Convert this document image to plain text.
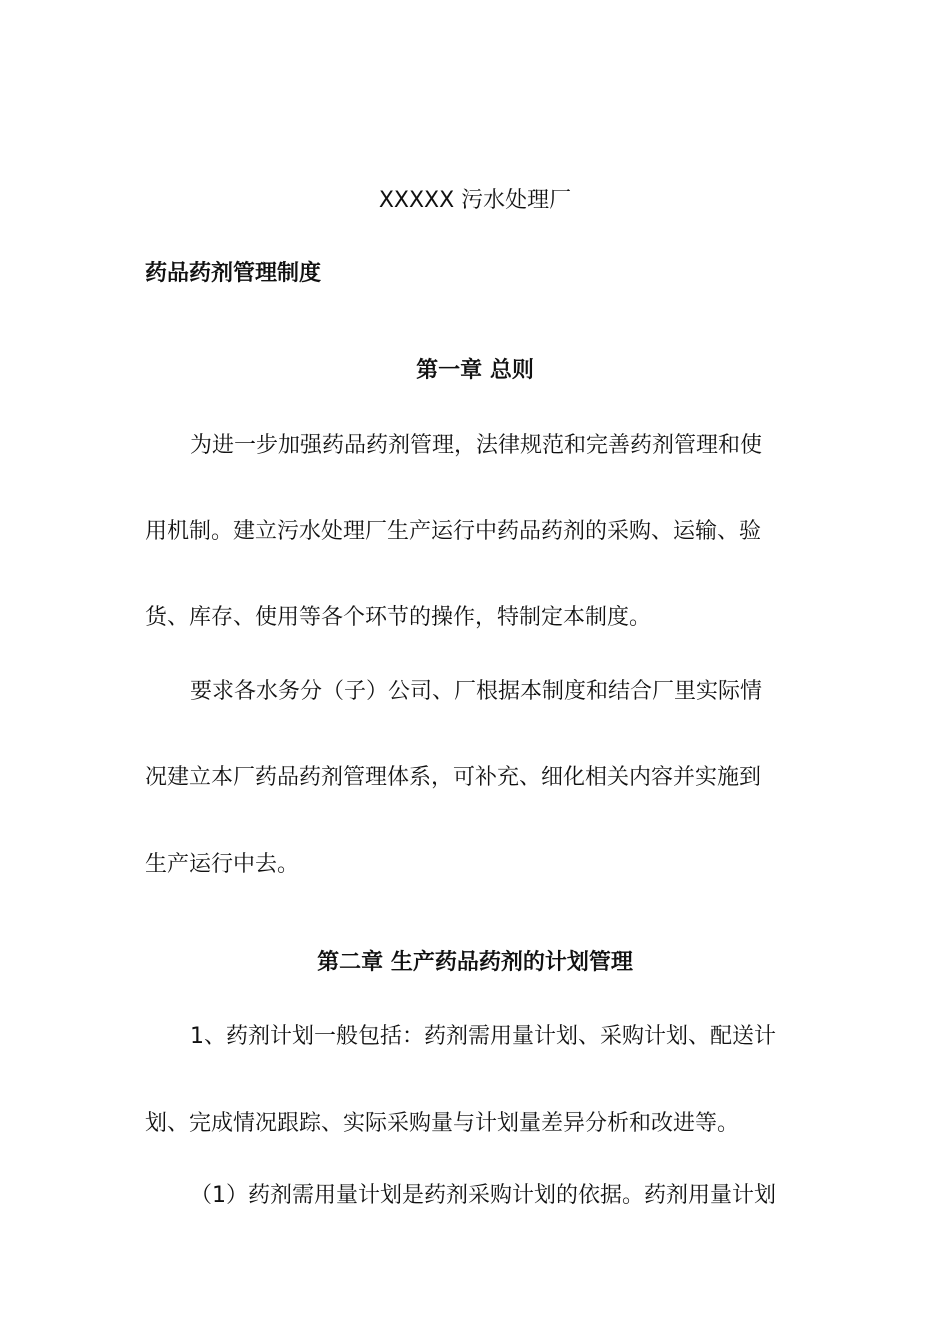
XXXXX 污水处理厂
药品药剂管理制度
第一章 总则
为进一步加强药品药剂管理，法律规范和完善药剂管理和使
用机制。建立污水处理厂生产运行中药品药剂的采购、运输、验
货、库存、使用等各个环节的操作，特制定本制度。
要求各水务分（子）公司、厂根据本制度和结合厂里实际情
况建立本厂药品药剂管理体系，可补充、细化相关内容并实施到
生产运行中去。
第二章 生产药品药剂的计划管理
1、药剂计划一般包括：药剂需用量计划、采购计划、配送计
划、完成情况跟踪、实际采购量与计划量差异分析和改进等。
（1）药剂需用量计划是药剂采购计划的依据。药剂用量计划
